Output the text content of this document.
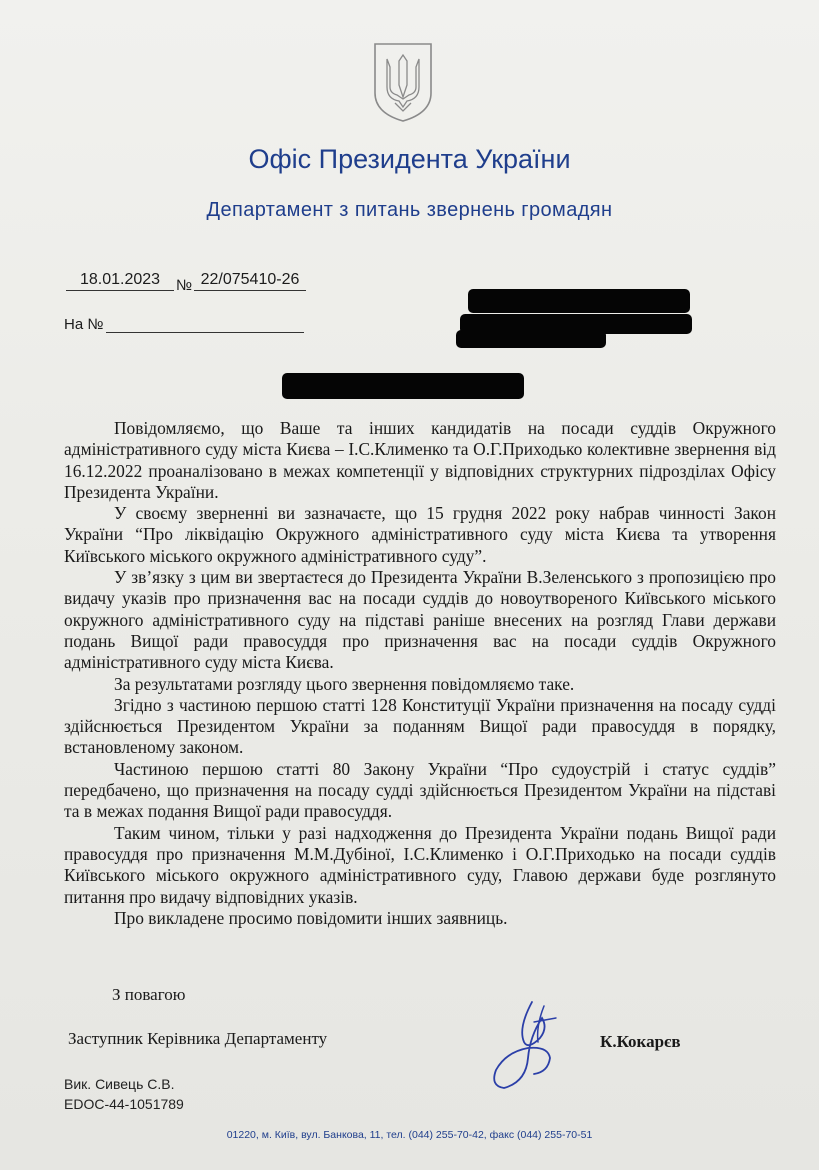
Офіс Президента України
Департамент з питань звернень громадян
18.01.2023	№ 22/075410-26
На №

Повідомляємо, що Ваше та інших кандидатів на посади суддів Окружного адміністративного суду міста Києва – І.С.Клименко та О.Г.Приходько колективне звернення від 16.12.2022 проаналізовано в межах компетенції у відповідних структурних підрозділах Офісу Президента України.

У своєму зверненні ви зазначаєте, що 15 грудня 2022 року набрав чинності Закон України “Про ліквідацію Окружного адміністративного суду міста Києва та утворення Київського міського окружного адміністративного суду”.

У зв’язку з цим ви звертаєтеся до Президента України В.Зеленського з пропозицією про видачу указів про призначення вас на посади суддів до новоутвореного Київського міського окружного адміністративного суду на підставі раніше внесених на розгляд Глави держави подань Вищої ради правосуддя про призначення вас на посади суддів Окружного адміністративного суду міста Києва.

За результатами розгляду цього звернення повідомляємо таке.

Згідно з частиною першою статті 128 Конституції України призначення на посаду судді здійснюється Президентом України за поданням Вищої ради правосуддя в порядку, встановленому законом.

Частиною першою статті 80 Закону України “Про судоустрій і статус суддів” передбачено, що призначення на посаду судді здійснюється Президентом України на підставі та в межах подання Вищої ради правосуддя.

Таким чином, тільки у разі надходження до Президента України подань Вищої ради правосуддя про призначення М.М.Дубіної, І.С.Клименко і О.Г.Приходько на посади суддів Київського міського окружного адміністративного суду, Главою держави буде розглянуто питання про видачу відповідних указів.

Про викладене просимо повідомити інших заявниць.

З повагою
Заступник Керівника Департаменту	К.Кокарєв
Вик. Сивець С.В.
EDOC-44-1051789
01220, м. Київ, вул. Банкова, 11, тел. (044) 255-70-42, факс (044) 255-70-51
